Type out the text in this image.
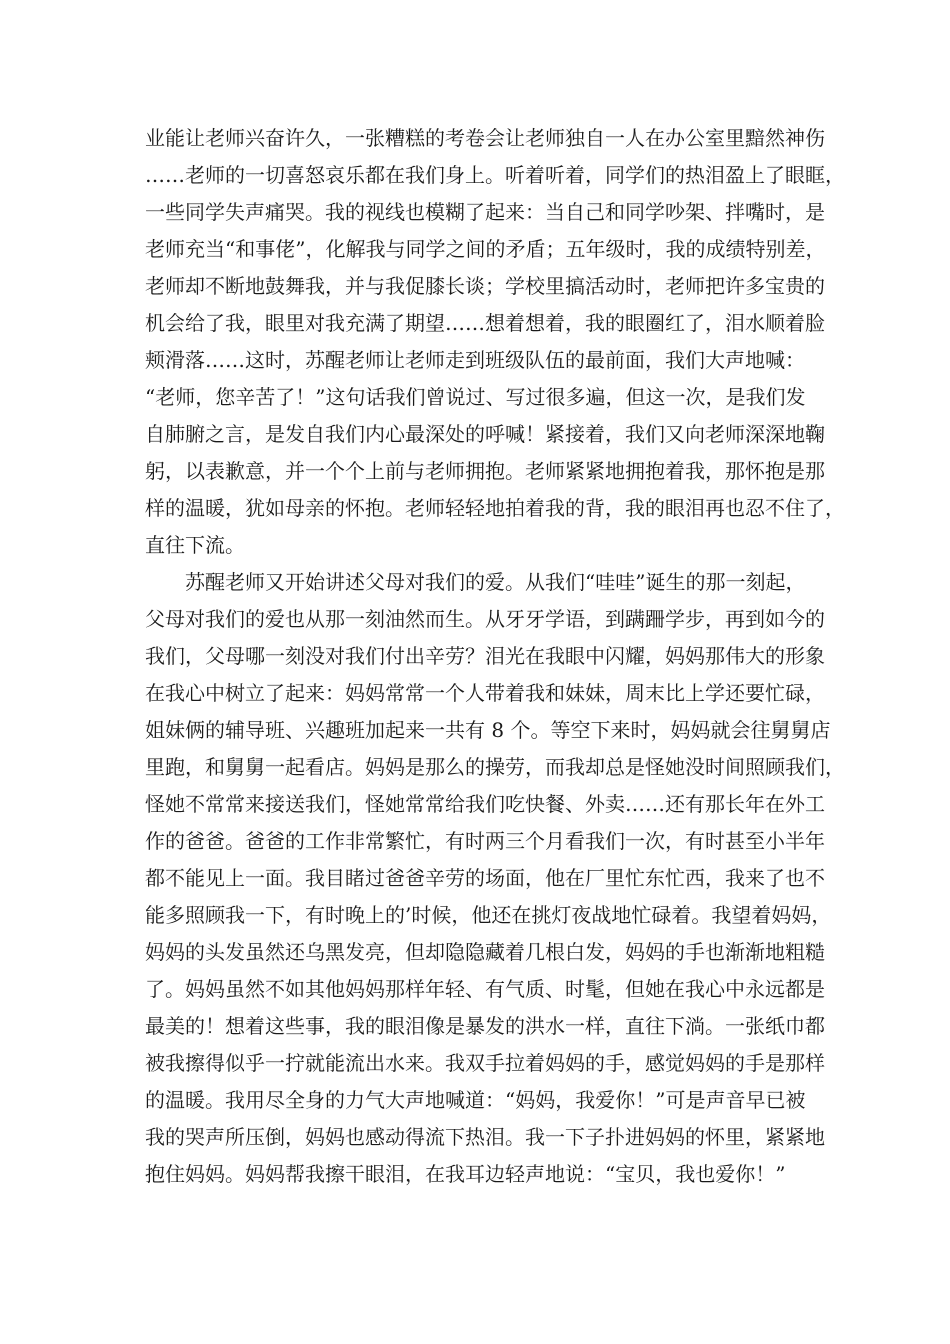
业能让老师兴奋许久，一张糟糕的考卷会让老师独自一人在办公室里黯然神伤
……老师的一切喜怒哀乐都在我们身上。听着听着，同学们的热泪盈上了眼眶，
一些同学失声痛哭。我的视线也模糊了起来：当自己和同学吵架、拌嘴时，是
老师充当“和事佬”，化解我与同学之间的矛盾；五年级时，我的成绩特别差，
老师却不断地鼓舞我，并与我促膝长谈；学校里搞活动时，老师把许多宝贵的
机会给了我，眼里对我充满了期望……想着想着，我的眼圈红了，泪水顺着脸
颊滑落……这时，苏醒老师让老师走到班级队伍的最前面，我们大声地喊：
“老师，您辛苦了！”这句话我们曾说过、写过很多遍，但这一次，是我们发
自肺腑之言，是发自我们内心最深处的呼喊！紧接着，我们又向老师深深地鞠
躬，以表歉意，并一个个上前与老师拥抱。老师紧紧地拥抱着我，那怀抱是那
样的温暖，犹如母亲的怀抱。老师轻轻地拍着我的背，我的眼泪再也忍不住了，
直往下流。
苏醒老师又开始讲述父母对我们的爱。从我们“哇哇”诞生的那一刻起，
父母对我们的爱也从那一刻油然而生。从牙牙学语，到蹒跚学步，再到如今的
我们，父母哪一刻没对我们付出辛劳？泪光在我眼中闪耀，妈妈那伟大的形象
在我心中树立了起来：妈妈常常一个人带着我和妹妹，周末比上学还要忙碌，
姐妹俩的辅导班、兴趣班加起来一共有 8 个。等空下来时，妈妈就会往舅舅店
里跑，和舅舅一起看店。妈妈是那么的操劳，而我却总是怪她没时间照顾我们，
怪她不常常来接送我们，怪她常常给我们吃快餐、外卖……还有那长年在外工
作的爸爸。爸爸的工作非常繁忙，有时两三个月看我们一次，有时甚至小半年
都不能见上一面。我目睹过爸爸辛劳的场面，他在厂里忙东忙西，我来了也不
能多照顾我一下，有时晚上的’时候，他还在挑灯夜战地忙碌着。我望着妈妈，
妈妈的头发虽然还乌黑发亮，但却隐隐藏着几根白发，妈妈的手也渐渐地粗糙
了。妈妈虽然不如其他妈妈那样年轻、有气质、时髦，但她在我心中永远都是
最美的！想着这些事，我的眼泪像是暴发的洪水一样，直往下淌。一张纸巾都
被我擦得似乎一拧就能流出水来。我双手拉着妈妈的手，感觉妈妈的手是那样
的温暖。我用尽全身的力气大声地喊道：“妈妈，我爱你！”可是声音早已被
我的哭声所压倒，妈妈也感动得流下热泪。我一下子扑进妈妈的怀里，紧紧地
抱住妈妈。妈妈帮我擦干眼泪，在我耳边轻声地说：“宝贝，我也爱你！”
